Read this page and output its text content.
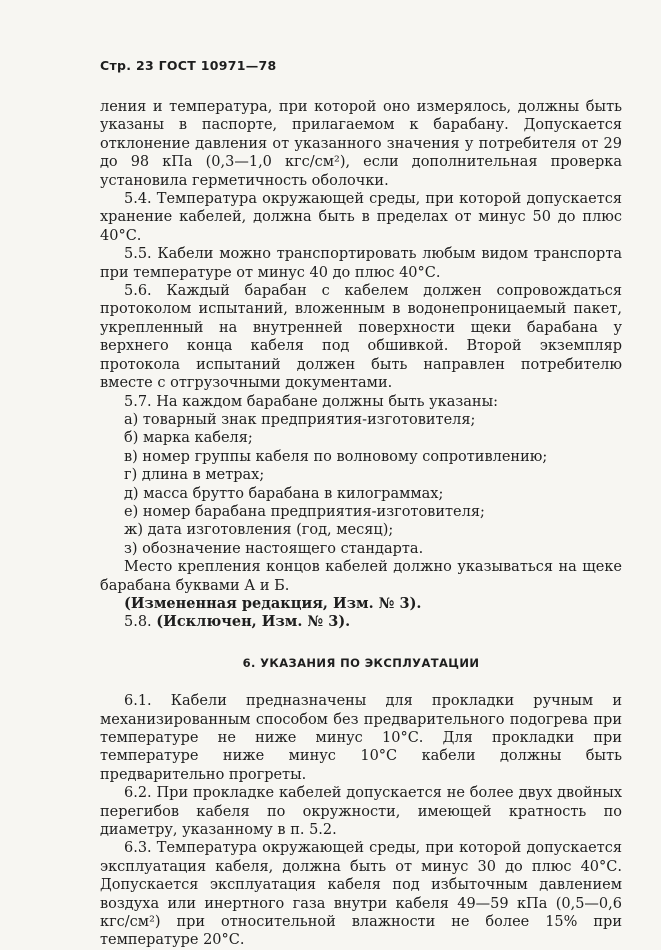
Стр. 23 ГОСТ 10971—78

ления и температура, при которой оно измерялось, должны быть указаны в паспорте, прилагаемом к барабану. Допускается отклонение давления от указанного значения у потребителя от 29 до 98 кПа (0,3—1,0 кгс/см²), если дополнительная проверка установила герметичность оболочки.

5.4. Температура окружающей среды, при которой допускается хранение кабелей, должна быть в пределах от минус 50 до плюс 40°С.

5.5. Кабели можно транспортировать любым видом транспорта при температуре от минус 40 до плюс 40°С.

5.6. Каждый барабан с кабелем должен сопровождаться протоколом испытаний, вложенным в водонепроницаемый пакет, укрепленный на внутренней поверхности щеки барабана у верхнего конца кабеля под обшивкой. Второй экземпляр протокола испытаний должен быть направлен потребителю вместе с отгрузочными документами.

5.7. На каждом барабане должны быть указаны:

а) товарный знак предприятия-изготовителя;
б) марка кабеля;
в) номер группы кабеля по волновому сопротивлению;
г) длина в метрах;
д) масса брутто барабана в килограммах;
е) номер барабана предприятия-изготовителя;
ж) дата изготовления (год, месяц);
з) обозначение настоящего стандарта.

Место крепления концов кабелей должно указываться на щеке барабана буквами А и Б.

(Измененная редакция, Изм. № 3).

5.8. (Исключен, Изм. № 3).

6. УКАЗАНИЯ ПО ЭКСПЛУАТАЦИИ

6.1. Кабели предназначены для прокладки ручным и механизированным способом без предварительного подогрева при температуре не ниже минус 10°С. Для прокладки при температуре ниже минус 10°С кабели должны быть предварительно прогреты.

6.2. При прокладке кабелей допускается не более двух двойных перегибов кабеля по окружности, имеющей кратность по диаметру, указанному в п. 5.2.

6.3. Температура окружающей среды, при которой допускается эксплуатация кабеля, должна быть от минус 30 до плюс 40°С. Допускается эксплуатация кабеля под избыточным давлением воздуха или инертного газа внутри кабеля 49—59 кПа (0,5—0,6 кгс/см²) при относительной влажности не более 15% при температуре 20°С.
